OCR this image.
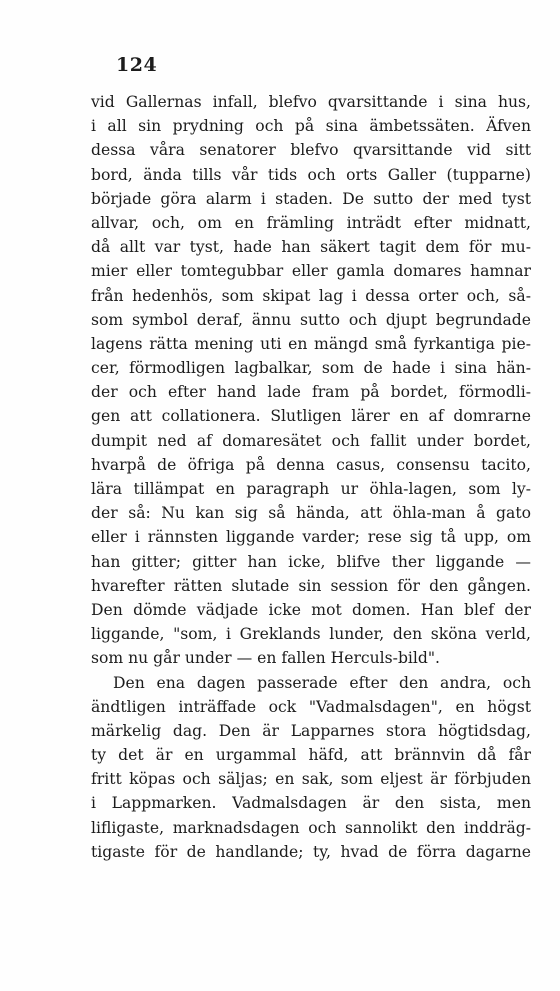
124
vid Gallernas infall, blefvo qvarsittande i sina hus,
i all sin prydning och på sina ämbetssäten. Äfven
dessa våra senatorer blefvo qvarsittande vid sitt
bord, ända tills vår tids och orts Galler (tupparne)
började göra alarm i staden. De sutto der med tyst
allvar, och, om en främling inträdt efter midnatt,
då allt var tyst, hade han säkert tagit dem för mu-
mier eller tomtegubbar eller gamla domares hamnar
från hedenhös, som skipat lag i dessa orter och, så-
som symbol deraf, ännu sutto och djupt begrundade
lagens rätta mening uti en mängd små fyrkantiga pie-
cer, förmodligen lagbalkar, som de hade i sina hän-
der och efter hand lade fram på bordet, förmodli-
gen att collationera. Slutligen lärer en af domrarne
dumpit ned af domaresätet och fallit under bordet,
hvarpå de öfriga på denna casus, consensu tacito,
lära tillämpat en paragraph ur öhla-lagen, som ly-
der så: Nu kan sig så hända, att öhla-man å gato
eller i rännsten liggande varder; rese sig tå upp, om
han gitter; gitter han icke, blifve ther liggande —
hvarefter rätten slutade sin session för den gången.
Den dömde vädjade icke mot domen. Han blef der
liggande, "som, i Greklands lunder, den sköna verld,
som nu går under — en fallen Herculs-bild".
Den ena dagen passerade efter den andra, och
ändtligen inträffade ock "Vadmalsdagen", en högst
märkelig dag. Den är Lapparnes stora högtidsdag,
ty det är en urgammal häfd, att brännvin då får
fritt köpas och säljas; en sak, som eljest är förbjuden
i Lappmarken. Vadmalsdagen är den sista, men
lifligaste, marknadsdagen och sannolikt den inddräg-
tigaste för de handlande; ty, hvad de förra dagarne
